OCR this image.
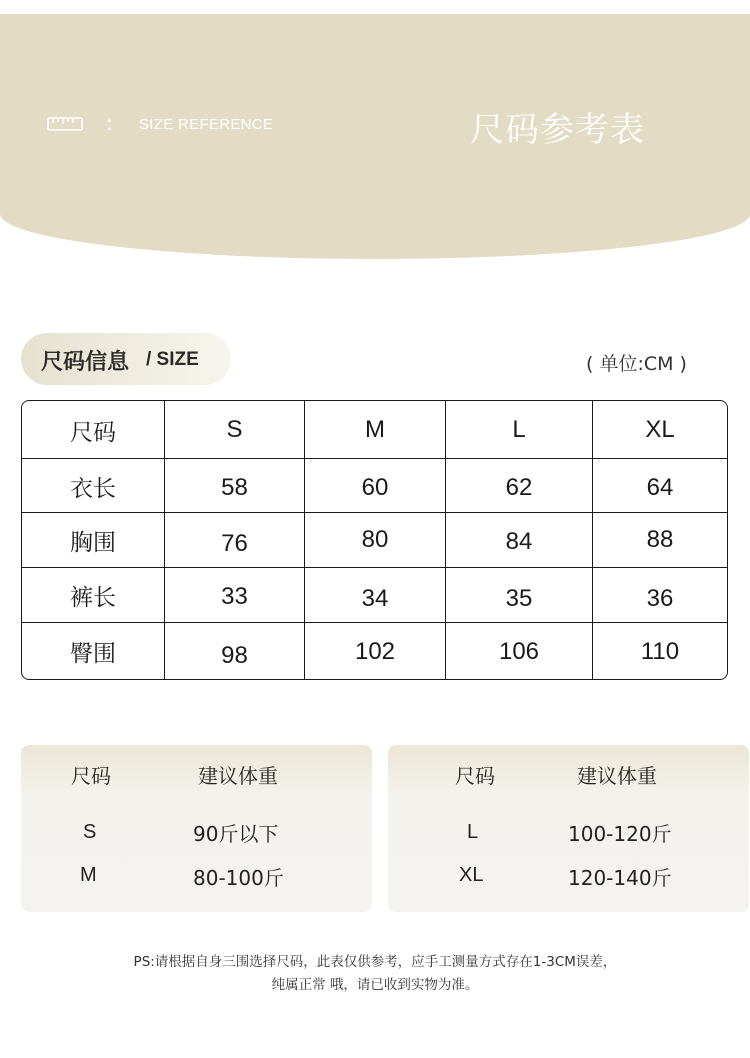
: SIZE REFERENCE	尺码参考表
尺码信息 / SIZE	( 单位:CM )
尺码	S	M	L	XL
衣长	58	60	62	64
胸围	76	80	84	88
裤长	33	34	35	36
臀围	98	102	106	110
尺码	建议体重
S	90斤以下
M	80-100斤
尺码	建议体重
L	100-120斤
XL	120-140斤
PS:请根据自身三围选择尺码，此表仅供参考，应手工测量方式存在1-3CM误差，
纯属正常 哦，请已收到实物为准。
